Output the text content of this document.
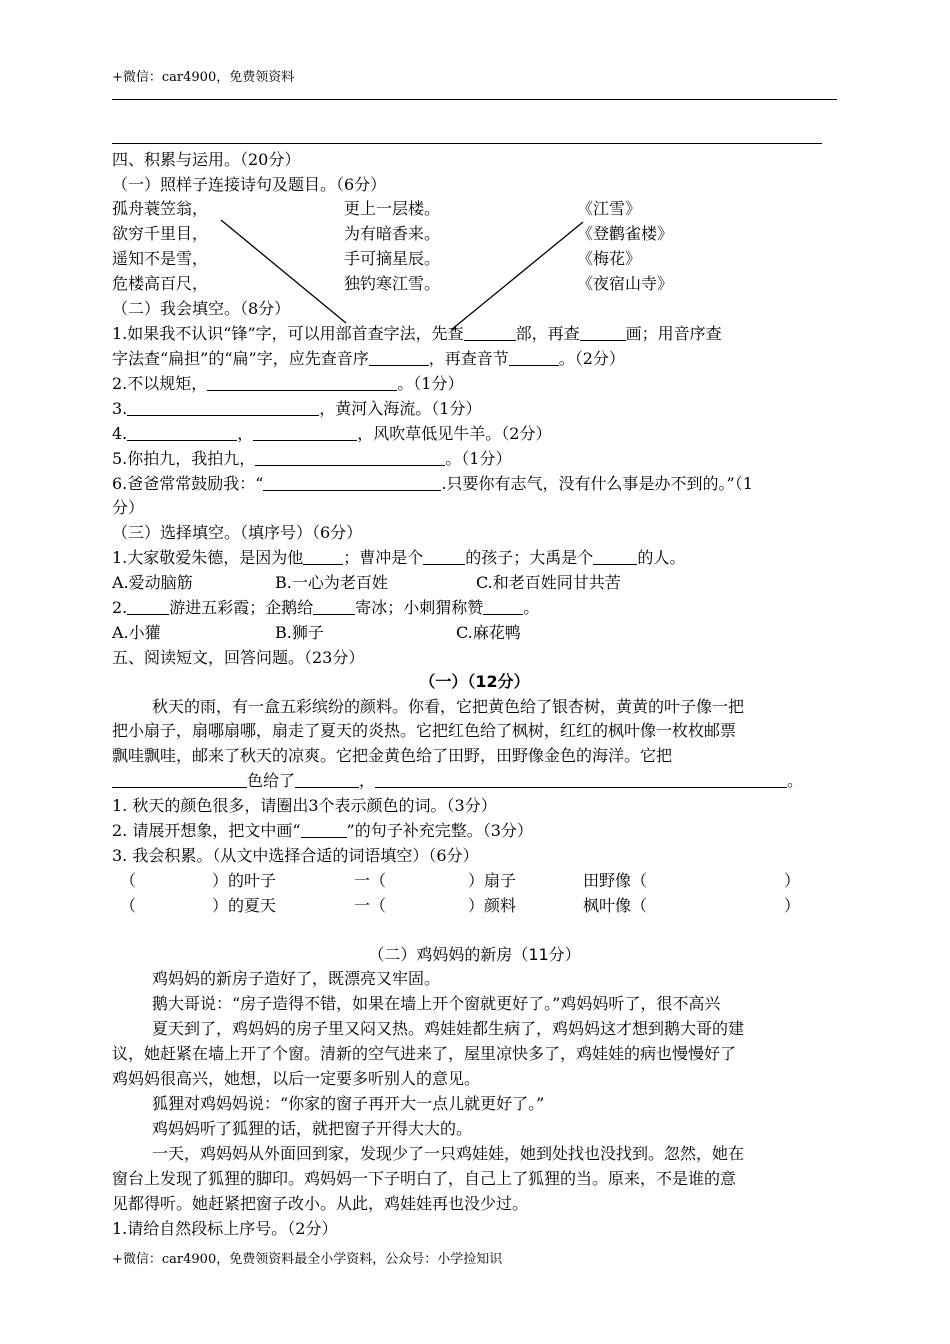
+微信：car4900，免费领资料
四、积累与运用。（20分）
（一）照样子连接诗句及题目。（6分）
孤舟蓑笠翁，	更上一层楼。	《江雪》
欲穷千里目，	为有暗香来。	《登鹳雀楼》
遥知不是雪，	手可摘星辰。	《梅花》
危楼高百尺，	独钓寒江雪。	《夜宿山寺》
（二）我会填空。（8分）
1.如果我不认识“锋”字，可以用部首查字法，先查	部，再查	画；用音序查
字法查“扁担”的“扁”字，应先查音序	，再查音节	。（2分）
2.不以规矩，	。（1分）
3.	，黄河入海流。（1分）
4.	，	，风吹草低见牛羊。（2分）
5.你拍九，我拍九，	。（1分）
6.爸爸常常鼓励我：“	.只要你有志气，没有什么事是办不到的。”（1
分）
（三）选择填空。（填序号）（6分）
1.大家敬爱朱德，是因为他	；曹冲是个	的孩子；大禹是个	的人。
A.爱动脑筋	B.一心为老百姓	C.和老百姓同甘共苦
2.	游进五彩霞；企鹅给	寄冰；小刺猬称赞	。
A.小獾	B.狮子	C.麻花鸭
五、阅读短文，回答问题。（23分）
（一）（12分）
秋天的雨，有一盒五彩缤纷的颜料。你看，它把黄色给了银杏树，黄黄的叶子像一把
把小扇子，扇哪扇哪，扇走了夏天的炎热。它把红色给了枫树，红红的枫叶像一枚枚邮票
飘哇飘哇，邮来了秋天的凉爽。它把金黄色给了田野，田野像金色的海洋。它把
色给了	，	。
1. 秋天的颜色很多，请圈出3个表示颜色的词。（3分）
2. 请展开想象，把文中画“	”的句子补充完整。（3分）
3. 我会积累。（从文中选择合适的词语填空）（6分）
（	）的叶子	一（	）扇子	田野像（	）
（	）的夏天	一（	）颜料	枫叶像（	）
（二）鸡妈妈的新房（11分）
鸡妈妈的新房子造好了，既漂亮又牢固。
鹅大哥说：“房子造得不错，如果在墙上开个窗就更好了。”鸡妈妈听了，很不高兴
夏天到了，鸡妈妈的房子里又闷又热。鸡娃娃都生病了，鸡妈妈这才想到鹅大哥的建
议，她赶紧在墙上开了个窗。清新的空气进来了，屋里凉快多了，鸡娃娃的病也慢慢好了
鸡妈妈很高兴，她想，以后一定要多听别人的意见。
狐狸对鸡妈妈说：“你家的窗子再开大一点儿就更好了。”
鸡妈妈听了狐狸的话，就把窗子开得大大的。
一天，鸡妈妈从外面回到家，发现少了一只鸡娃娃，她到处找也没找到。忽然，她在
窗台上发现了狐狸的脚印。鸡妈妈一下子明白了，自己上了狐狸的当。原来，不是谁的意
见都得听。她赶紧把窗子改小。从此，鸡娃娃再也没少过。
1.请给自然段标上序号。（2分）
+微信：car4900，免费领资料最全小学资料，公众号：小学捡知识
